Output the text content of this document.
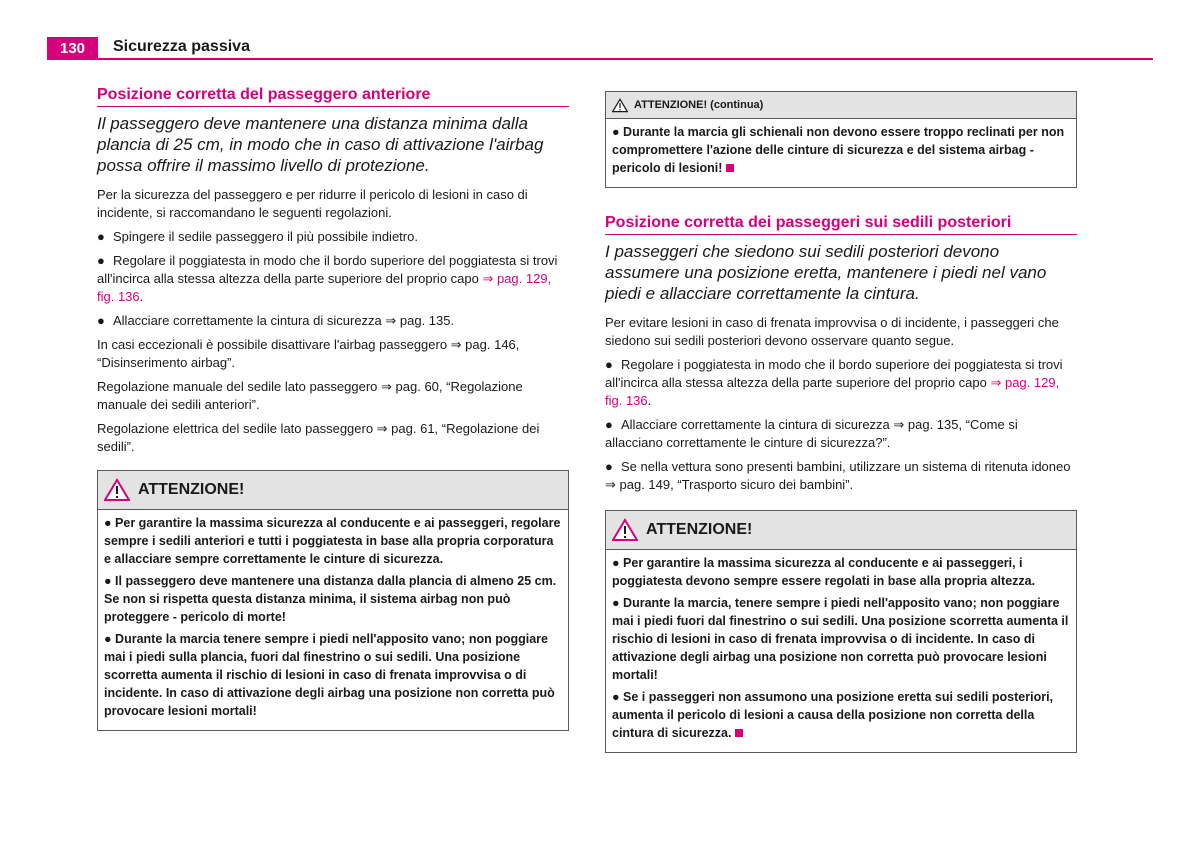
130	Sicurezza passiva
Posizione corretta del passeggero anteriore

Il passeggero deve mantenere una distanza minima dalla plancia di 25 cm, in modo che in caso di attivazione l'airbag possa offrire il massimo livello di protezione.

Per la sicurezza del passeggero e per ridurre il pericolo di lesioni in caso di incidente, si raccomandano le seguenti regolazioni.

● Spingere il sedile passeggero il più possibile indietro.

● Regolare il poggiatesta in modo che il bordo superiore del poggiatesta si trovi all'incirca alla stessa altezza della parte superiore del proprio capo ⇒ pag. 129, fig. 136.

● Allacciare correttamente la cintura di sicurezza ⇒ pag. 135.

In casi eccezionali è possibile disattivare l'airbag passeggero ⇒ pag. 146, “Disinserimento airbag”.

Regolazione manuale del sedile lato passeggero ⇒ pag. 60, “Regolazione manuale dei sedili anteriori”.

Regolazione elettrica del sedile lato passeggero ⇒ pag. 61, “Regolazione dei sedili”.

ATTENZIONE!

● Per garantire la massima sicurezza al conducente e ai passeggeri, regolare sempre i sedili anteriori e tutti i poggiatesta in base alla propria corporatura e allacciare sempre correttamente le cinture di sicurezza.

● Il passeggero deve mantenere una distanza dalla plancia di almeno 25 cm. Se non si rispetta questa distanza minima, il sistema airbag non può proteggere - pericolo di morte!

● Durante la marcia tenere sempre i piedi nell'apposito vano; non poggiare mai i piedi sulla plancia, fuori dal finestrino o sui sedili. Una posizione scorretta aumenta il rischio di lesioni in caso di frenata improvvisa o di incidente. In caso di attivazione degli airbag una posizione non corretta può provocare lesioni mortali!

ATTENZIONE! (continua)

● Durante la marcia gli schienali non devono essere troppo reclinati per non compromettere l'azione delle cinture di sicurezza e del sistema airbag - pericolo di lesioni!

Posizione corretta dei passeggeri sui sedili posteriori

I passeggeri che siedono sui sedili posteriori devono assumere una posizione eretta, mantenere i piedi nel vano piedi e allacciare correttamente la cintura.

Per evitare lesioni in caso di frenata improvvisa o di incidente, i passeggeri che siedono sui sedili posteriori devono osservare quanto segue.

● Regolare i poggiatesta in modo che il bordo superiore dei poggiatesta si trovi all'incirca alla stessa altezza della parte superiore del proprio capo ⇒ pag. 129, fig. 136.

● Allacciare correttamente la cintura di sicurezza ⇒ pag. 135, “Come si allacciano correttamente le cinture di sicurezza?”.

● Se nella vettura sono presenti bambini, utilizzare un sistema di ritenuta idoneo ⇒ pag. 149, “Trasporto sicuro dei bambini”.

ATTENZIONE!

● Per garantire la massima sicurezza al conducente e ai passeggeri, i poggiatesta devono sempre essere regolati in base alla propria altezza.

● Durante la marcia, tenere sempre i piedi nell'apposito vano; non poggiare mai i piedi fuori dal finestrino o sui sedili. Una posizione scorretta aumenta il rischio di lesioni in caso di frenata improvvisa o di incidente. In caso di attivazione degli airbag una posizione non corretta può provocare lesioni mortali!

● Se i passeggeri non assumono una posizione eretta sui sedili posteriori, aumenta il pericolo di lesioni a causa della posizione non corretta della cintura di sicurezza.
